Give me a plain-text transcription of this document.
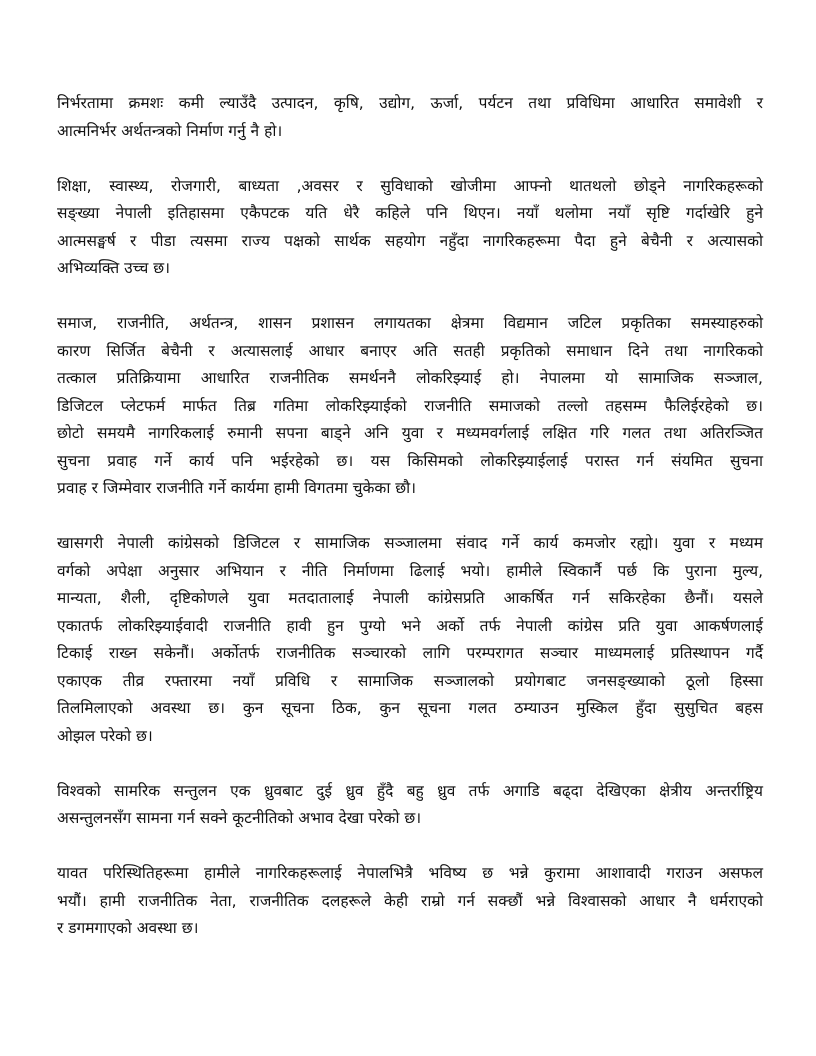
निर्भरतामा क्रमशः कमी ल्याउँदै उत्पादन, कृषि, उद्योग, ऊर्जा, पर्यटन तथा प्रविधिमा आधारित समावेशी र
आत्मनिर्भर अर्थतन्त्रको निर्माण गर्नु नै हो।

शिक्षा, स्वास्थ्य, रोजगारी, बाध्यता ,अवसर र सुविधाको खोजीमा आफ्नो थातथलो छोड्ने नागरिकहरूको
सङ्ख्या नेपाली इतिहासमा एकैपटक यति धेरै कहिले पनि थिएन। नयाँ थलोमा नयाँ सृष्टि गर्दाखेरि हुने
आत्मसङ्घर्ष र पीडा त्यसमा राज्य पक्षको सार्थक सहयोग नहुँदा नागरिकहरूमा पैदा हुने बेचैनी र अत्यासको
अभिव्यक्ति उच्च छ।

समाज, राजनीति, अर्थतन्त्र, शासन प्रशासन लगायतका क्षेत्रमा विद्यमान जटिल प्रकृतिका समस्याहरुको
कारण सिर्जित बेचैनी र अत्यासलाई आधार बनाएर अति सतही प्रकृतिको समाधान दिने तथा नागरिकको
तत्काल प्रतिक्रियामा आधारित राजनीतिक समर्थननै लोकरिझ्याई हो। नेपालमा यो सामाजिक सञ्जाल,
डिजिटल प्लेटफर्म मार्फत तिब्र गतिमा लोकरिझ्याईको राजनीति समाजको तल्लो तहसम्म फैलिईरहेको छ।
छोटो समयमै नागरिकलाई रुमानी सपना बाड्ने अनि युवा र मध्यमवर्गलाई लक्षित गरि गलत तथा अतिरञ्जित
सुचना प्रवाह गर्ने कार्य पनि भईरहेको छ। यस किसिमको लोकरिझ्याईलाई परास्त गर्न संयमित सुचना
प्रवाह र जिम्मेवार राजनीति गर्ने कार्यमा हामी विगतमा चुकेका छौ।

खासगरी नेपाली कांग्रेसको डिजिटल र सामाजिक सञ्जालमा संवाद गर्ने कार्य कमजोर रह्यो। युवा र मध्यम
वर्गको अपेक्षा अनुसार अभियान र नीति निर्माणमा ढिलाई भयो। हामीले स्विकार्नै पर्छ कि पुराना मुल्य,
मान्यता, शैली, दृष्टिकोणले युवा मतदातालाई नेपाली कांग्रेसप्रति आकर्षित गर्न सकिरहेका छैनौं। यसले
एकातर्फ लोकरिझ्याईवादी राजनीति हावी हुन पुग्यो भने अर्को तर्फ नेपाली कांग्रेस प्रति युवा आकर्षणलाई
टिकाई राख्न सकेनौं। अर्कोतर्फ राजनीतिक सञ्चारको लागि परम्परागत सञ्चार माध्यमलाई प्रतिस्थापन गर्दै
एकाएक तीव्र रफ्तारमा नयाँ प्रविधि र सामाजिक सञ्जालको प्रयोगबाट जनसङ्ख्याको ठूलो हिस्सा
तिलमिलाएको अवस्था छ। कुन सूचना ठिक, कुन सूचना गलत ठम्याउन मुस्किल हुँदा सुसुचित बहस
ओझल परेको छ।

विश्वको सामरिक सन्तुलन एक ध्रुवबाट दुई ध्रुव हुँदै बहु ध्रुव तर्फ अगाडि बढ्दा देखिएका क्षेत्रीय अन्तर्राष्ट्रिय
असन्तुलनसँग सामना गर्न सक्ने कूटनीतिको अभाव देखा परेको छ।

यावत परिस्थितिहरूमा हामीले नागरिकहरूलाई नेपालभित्रै भविष्य छ भन्ने कुरामा आशावादी गराउन असफल
भयौं। हामी राजनीतिक नेता, राजनीतिक दलहरूले केही राम्रो गर्न सक्छौं भन्ने विश्वासको आधार नै धर्मराएको
र डगमगाएको अवस्था छ।
